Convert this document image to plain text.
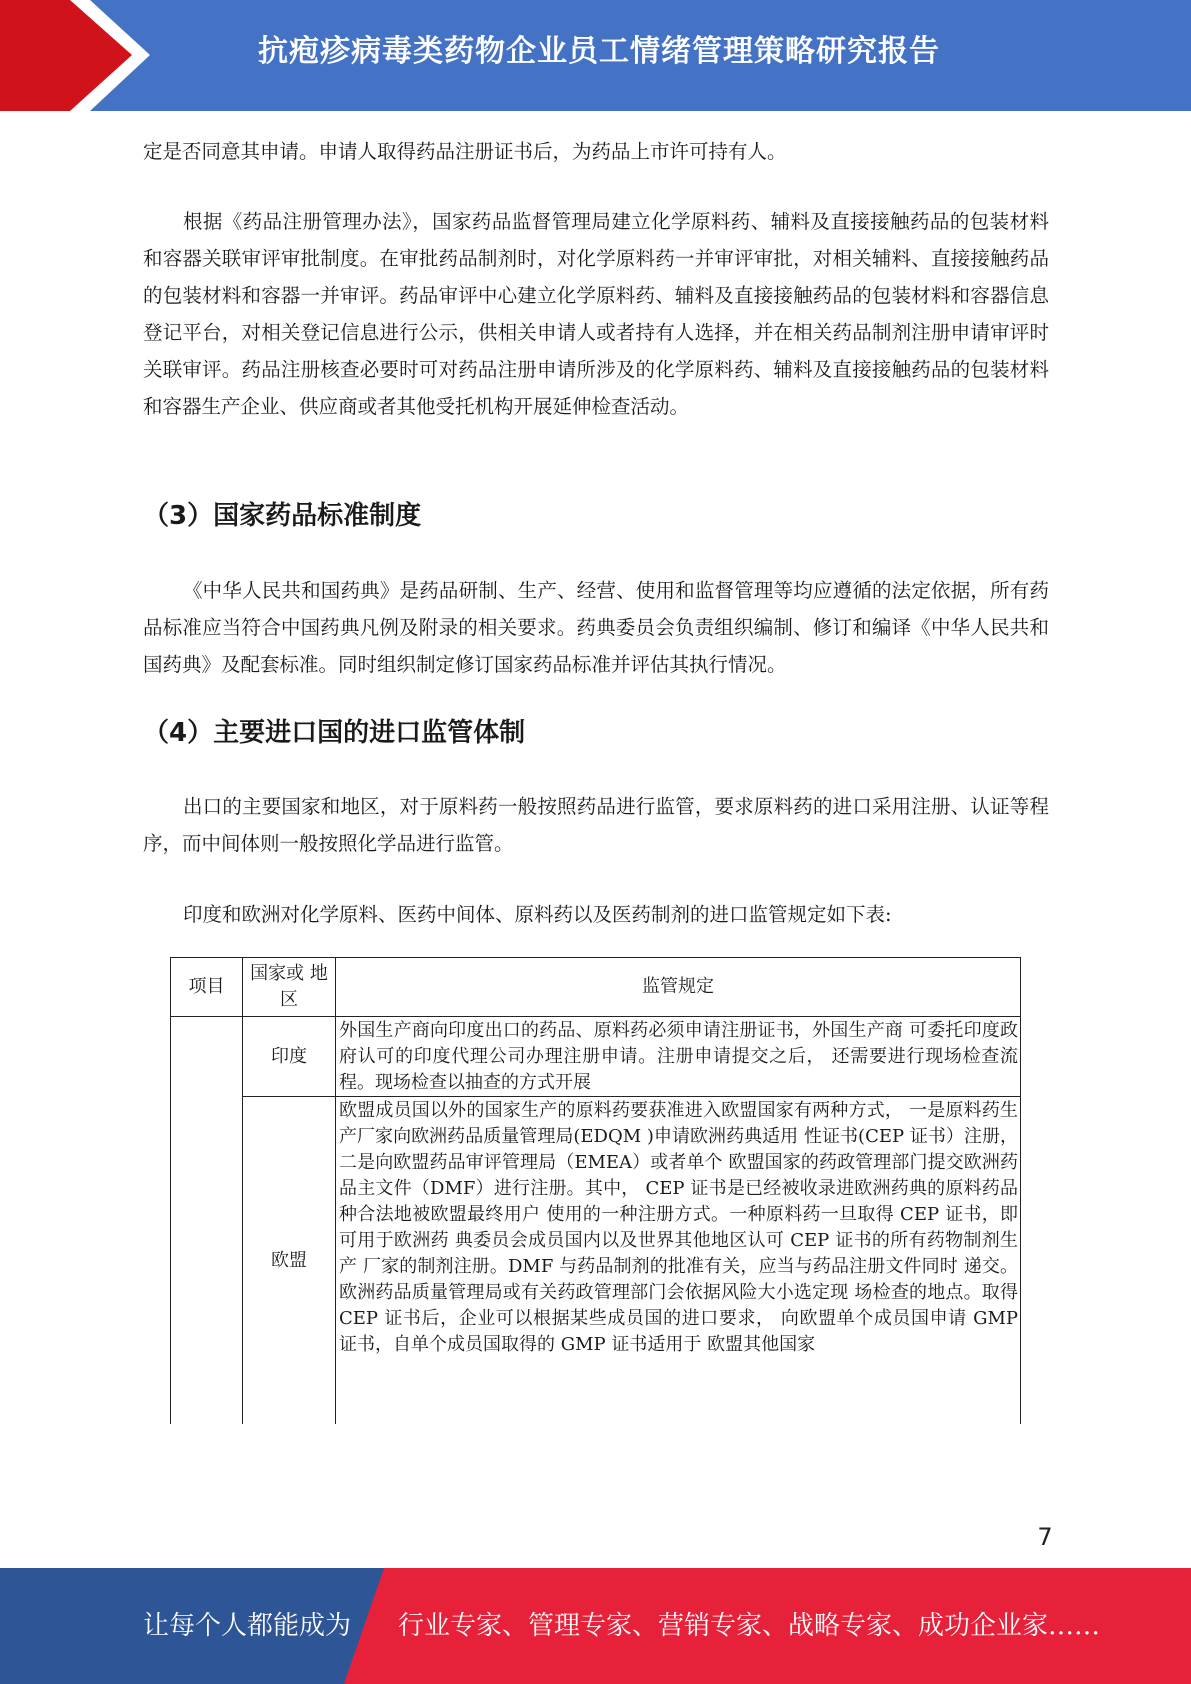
抗疱疹病毒类药物企业员工情绪管理策略研究报告

定是否同意其申请。申请人取得药品注册证书后，为药品上市许可持有人。

根据《药品注册管理办法》，国家药品监督管理局建立化学原料药、辅料及直接接触药品的包装材料和容器关联审评审批制度。在审批药品制剂时，对化学原料药一并审评审批，对相关辅料、直接接触药品的包装材料和容器一并审评。药品审评中心建立化学原料药、辅料及直接接触药品的包装材料和容器信息登记平台，对相关登记信息进行公示，供相关申请人或者持有人选择，并在相关药品制剂注册申请审评时关联审评。药品注册核查必要时可对药品注册申请所涉及的化学原料药、辅料及直接接触药品的包装材料和容器生产企业、供应商或者其他受托机构开展延伸检查活动。

（3）国家药品标准制度

《中华人民共和国药典》是药品研制、生产、经营、使用和监督管理等均应遵循的法定依据，所有药品标准应当符合中国药典凡例及附录的相关要求。药典委员会负责组织编制、修订和编译《中华人民共和国药典》及配套标准。同时组织制定修订国家药品标准并评估其执行情况。

（4）主要进口国的进口监管体制

出口的主要国家和地区，对于原料药一般按照药品进行监管，要求原料药的进口采用注册、认证等程序，而中间体则一般按照化学品进行监管。

印度和欧洲对化学原料、医药中间体、原料药以及医药制剂的进口监管规定如下表:

项目	国家或 地区	监管规定
	印度	外国生产商向印度出口的药品、原料药必须申请注册证书，外国生产商 可委托印度政府认可的印度代理公司办理注册申请。注册申请提交之后， 还需要进行现场检查流程。现场检查以抽查的方式开展
	欧盟	欧盟成员国以外的国家生产的原料药要获准进入欧盟国家有两种方式， 一是原料药生产厂家向欧洲药品质量管理局(EDQM )申请欧洲药典适用 性证书(CEP 证书）注册，二是向欧盟药品审评管理局（EMEA）或者单个 欧盟国家的药政管理部门提交欧洲药品主文件（DMF）进行注册。其中， CEP 证书是已经被收录进欧洲药典的原料药品种合法地被欧盟最终用户 使用的一种注册方式。一种原料药一旦取得 CEP 证书，即可用于欧洲药 典委员会成员国内以及世界其他地区认可 CEP 证书的所有药物制剂生产 厂家的制剂注册。DMF 与药品制剂的批准有关，应当与药品注册文件同时 递交。欧洲药品质量管理局或有关药政管理部门会依据风险大小选定现 场检查的地点。取得 CEP 证书后，企业可以根据某些成员国的进口要求， 向欧盟单个成员国申请 GMP 证书，自单个成员国取得的 GMP 证书适用于 欧盟其他国家
7
让每个人都能成为 行业专家、管理专家、营销专家、战略专家、成功企业家……
